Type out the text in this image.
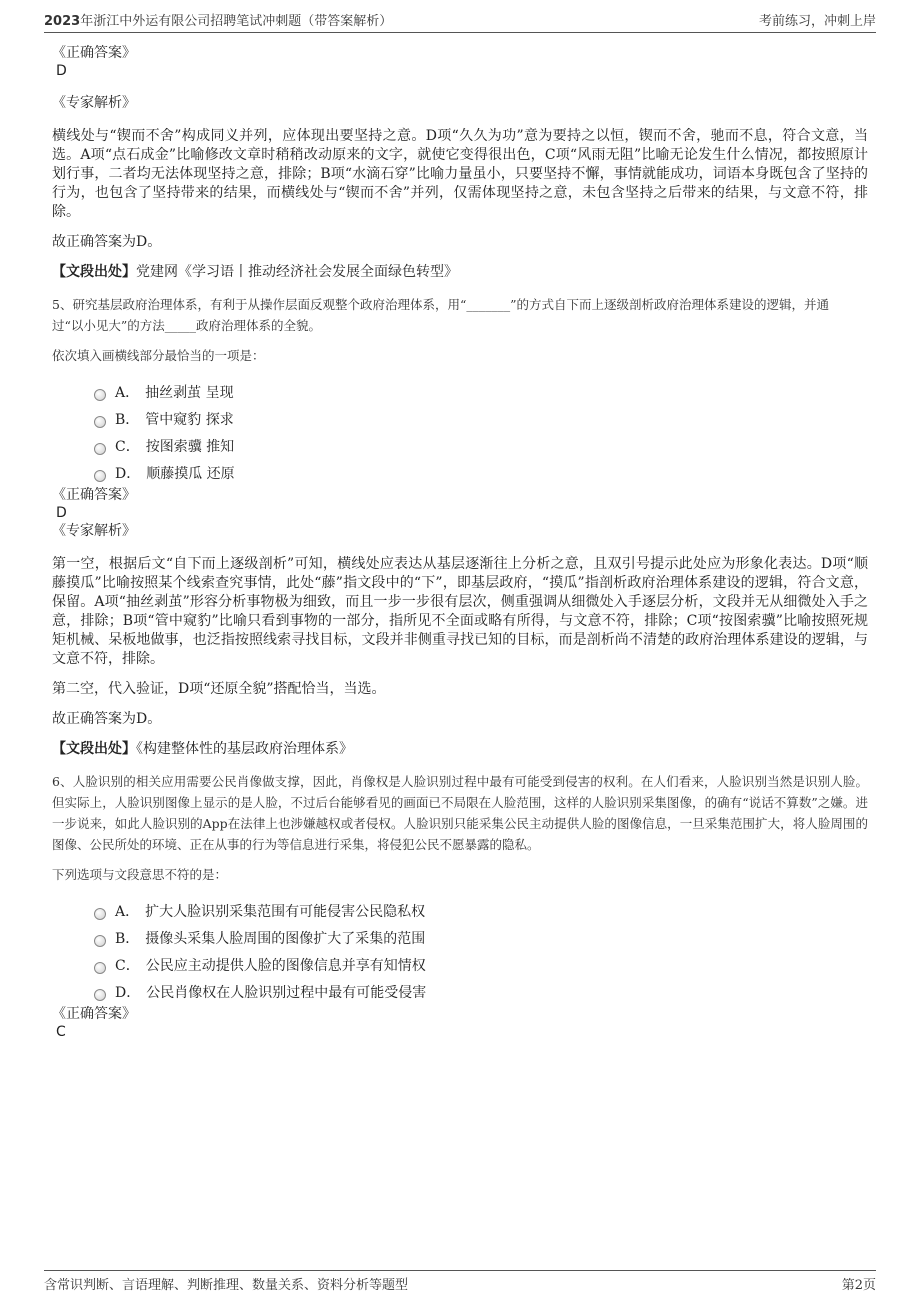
2023年浙江中外运有限公司招聘笔试冲刺题（带答案解析）	考前练习，冲刺上岸

《正确答案》

D

《专家解析》

横线处与“锲而不舍”构成同义并列，应体现出要坚持之意。D项“久久为功”意为要持之以恒，锲而不舍，驰而不息，符合文意，当选。A项“点石成金”比喻修改文章时稍稍改动原来的文字，就使它变得很出色，C项“风雨无阻”比喻无论发生什么情况，都按照原计划行事，二者均无法体现坚持之意，排除；B项“水滴石穿”比喻力量虽小，只要坚持不懈，事情就能成功，词语本身既包含了坚持的行为，也包含了坚持带来的结果，而横线处与“锲而不舍”并列，仅需体现坚持之意，未包含坚持之后带来的结果，与文意不符，排除。

故正确答案为D。

【文段出处】党建网《学习语丨推动经济社会发展全面绿色转型》

5、研究基层政府治理体系，有利于从操作层面反观整个政府治理体系，用“_______”的方式自下而上逐级剖析政府治理体系建设的逻辑，并通

过“以小见大”的方法_____政府治理体系的全貌。

依次填入画横线部分最恰当的一项是：

A． 抽丝剥茧 呈现
B． 管中窥豹 探求
C． 按图索骥 推知
D． 顺藤摸瓜 还原

《正确答案》

D

《专家解析》

第一空，根据后文“自下而上逐级剖析”可知，横线处应表达从基层逐渐往上分析之意，且双引号提示此处应为形象化表达。D项“顺藤摸瓜”比喻按照某个线索查究事情，此处“藤”指文段中的“下”，即基层政府，“摸瓜”指剖析政府治理体系建设的逻辑，符合文意，保留。A项“抽丝剥茧”形容分析事物极为细致，而且一步一步很有层次，侧重强调从细微处入手逐层分析，文段并无从细微处入手之意，排除；B项“管中窥豹”比喻只看到事物的一部分，指所见不全面或略有所得，与文意不符，排除；C项“按图索骥”比喻按照死规矩机械、呆板地做事，也泛指按照线索寻找目标，文段并非侧重寻找已知的目标，而是剖析尚不清楚的政府治理体系建设的逻辑，与文意不符，排除。

第二空，代入验证，D项“还原全貌”搭配恰当，当选。

故正确答案为D。

【文段出处】《构建整体性的基层政府治理体系》

6、人脸识别的相关应用需要公民肖像做支撑，因此，肖像权是人脸识别过程中最有可能受到侵害的权利。在人们看来，人脸识别当然是识别人脸。但实际上，人脸识别图像上显示的是人脸，不过后台能够看见的画面已不局限在人脸范围，这样的人脸识别采集图像，的确有“说话不算数”之嫌。进一步说来，如此人脸识别的App在法律上也涉嫌越权或者侵权。人脸识别只能采集公民主动提供人脸的图像信息，一旦采集范围扩大，将人脸周围的图像、公民所处的环境、正在从事的行为等信息进行采集，将侵犯公民不愿暴露的隐私。

下列选项与文段意思不符的是：

A． 扩大人脸识别采集范围有可能侵害公民隐私权
B． 摄像头采集人脸周围的图像扩大了采集的范围
C． 公民应主动提供人脸的图像信息并享有知情权
D． 公民肖像权在人脸识别过程中最有可能受侵害

《正确答案》

C

含常识判断、言语理解、判断推理、数量关系、资料分析等题型	第2页
